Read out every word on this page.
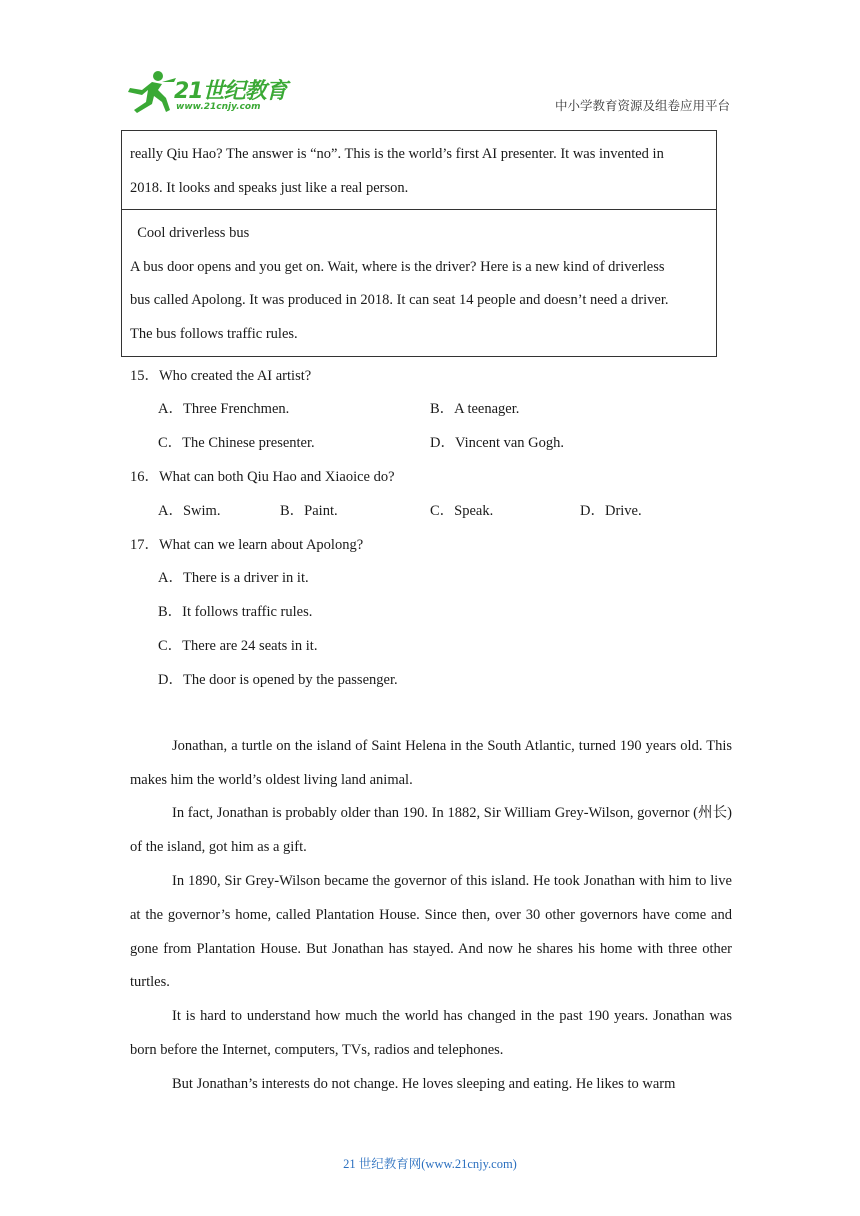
21世纪教育
www.21cnjy.com	中小学教育资源及组卷应用平台

really Qiu Hao? The answer is “no”. This is the world’s first AI presenter. It was invented in

2018. It looks and speaks just like a real person.

Cool driverless bus

A bus door opens and you get on. Wait, where is the driver? Here is a new kind of driverless

bus called Apolong. It was produced in 2018. It can seat 14 people and doesn’t need a driver.

The bus follows traffic rules.

15．Who created the AI artist?
A．Three Frenchmen.	B．A teenager.
C．The Chinese presenter.	D．Vincent van Gogh.
16．What can both Qiu Hao and Xiaoice do?
A．Swim.	B．Paint.	C．Speak.	D．Drive.
17．What can we learn about Apolong?
A．There is a driver in it.
B．It follows traffic rules.
C．There are 24 seats in it.
D．The door is opened by the passenger.

Jonathan, a turtle on the island of Saint Helena in the South Atlantic, turned 190 years old. This makes him the world’s oldest living land animal.

In fact, Jonathan is probably older than 190. In 1882, Sir William Grey-Wilson, governor (州长) of the island, got him as a gift.

In 1890, Sir Grey-Wilson became the governor of this island. He took Jonathan with him to live at the governor’s home, called Plantation House. Since then, over 30 other governors have come and gone from Plantation House. But Jonathan has stayed. And now he shares his home with three other turtles.

It is hard to understand how much the world has changed in the past 190 years. Jonathan was born before the Internet, computers, TVs, radios and telephones.

But Jonathan’s interests do not change. He loves sleeping and eating. He likes to warm

21 世纪教育网(www.21cnjy.com)
